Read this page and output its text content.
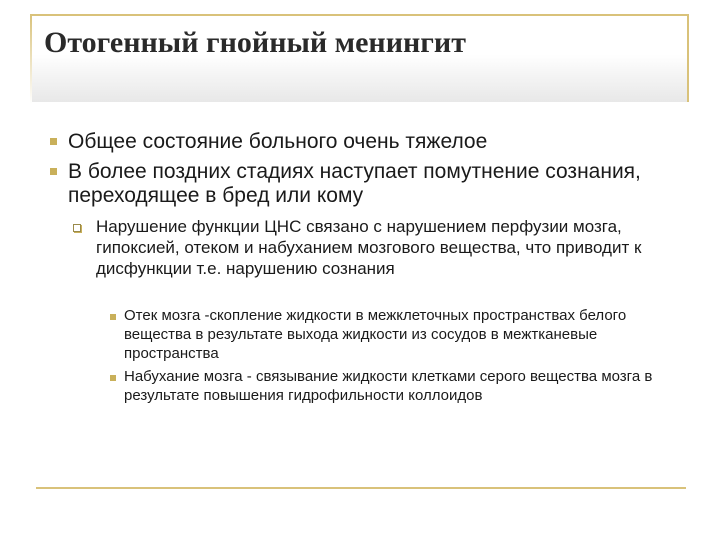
Отогенный гнойный менингит

Общее состояние больного очень тяжелое

В более поздних стадиях наступает помутнение сознания, переходящее в бред или кому

Нарушение функции ЦНС связано с нарушением перфузии мозга, гипоксией, отеком и набуханием мозгового вещества, что приводит к дисфункции т.е. нарушению сознания

Отек мозга -скопление жидкости в межклеточных пространствах белого вещества в результате выхода жидкости из сосудов в межтканевые пространства

Набухание мозга - связывание жидкости клетками серого вещества мозга в результате повышения гидрофильности коллоидов
